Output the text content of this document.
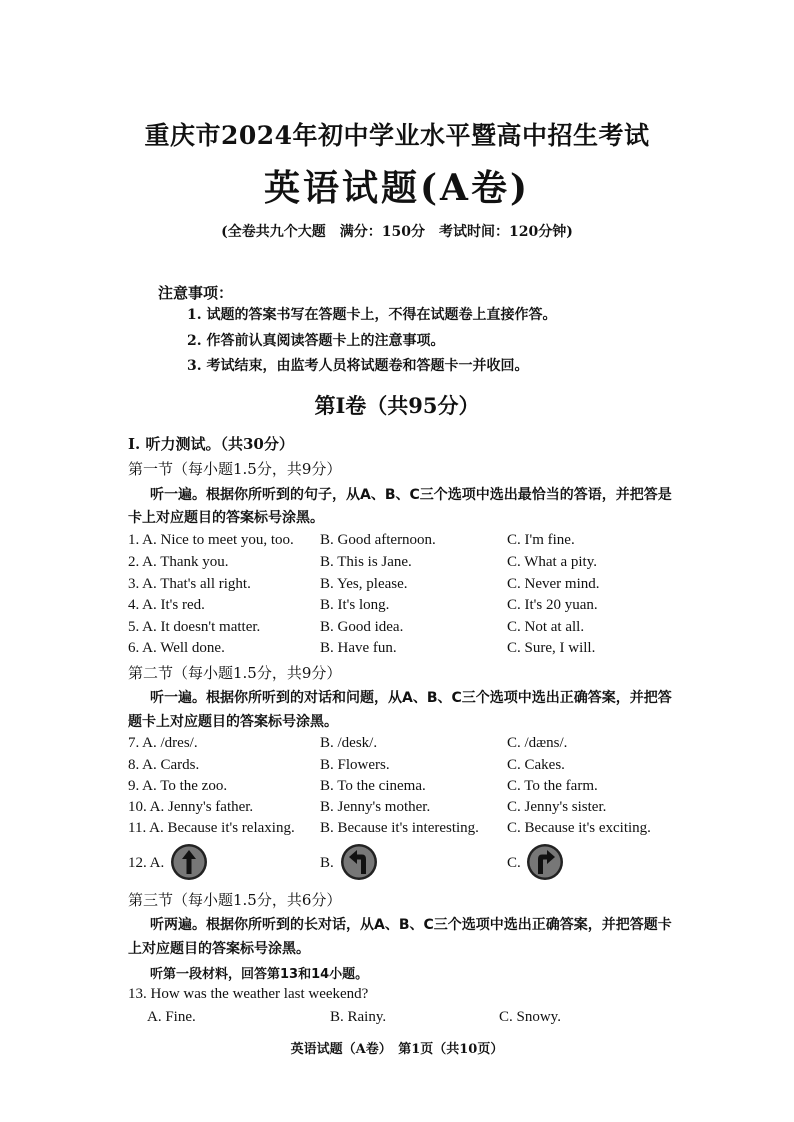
重庆市2024年初中学业水平暨高中招生考试
英语试题(A卷)
(全卷共九个大题　满分：150分　考试时间：120分钟)
注意事项：
1. 试题的答案书写在答题卡上，不得在试题卷上直接作答。
2. 作答前认真阅读答题卡上的注意事项。
3. 考试结束，由监考人员将试题卷和答题卡一并收回。
第Ⅰ卷（共95分）
I. 听力测试。（共30分）
第一节（每小题1.5分，共9分）
听一遍。根据你所听到的句子，从A、B、C三个选项中选出最恰当的答语，并把答是
卡上对应题目的答案标号涂黑。
1. A. Nice to meet you, too. B. Good afternoon.	C. I'm fine.
2. A. Thank you.	B. This is Jane.	C. What a pity.
3. A. That's all right.	B. Yes, please.	C. Never mind.
4. A. It's red.	B. It's long.	C. It's 20 yuan.
5. A. It doesn't matter.	B. Good idea.	C. Not at all.
6. A. Well done.	B. Have fun.	C. Sure, I will.
第二节（每小题1.5分，共9分）
听一遍。根据你所听到的对话和问题，从A、B、C三个选项中选出正确答案，并把答
题卡上对应题目的答案标号涂黑。
7. A. /dres/.	B. /desk/.	C. /dæns/.
8. A. Cards.	B. Flowers.	C. Cakes.
9. A. To the zoo.	B. To the cinema.	C. To the farm.
10. A. Jenny's father.	B. Jenny's mother.	C. Jenny's sister.
11. A. Because it's relaxing. B. Because it's interesting. C. Because it's exciting.
12. A.	B.	C.
第三节（每小题1.5分，共6分）
听两遍。根据你所听到的长对话，从A、B、C三个选项中选出正确答案，并把答题卡
上对应题目的答案标号涂黑。
听第一段材料，回答第13和14小题。
13. How was the weather last weekend?
A. Fine.	B. Rainy.	C. Snowy.
英语试题（A卷）　第1页（共10页）
